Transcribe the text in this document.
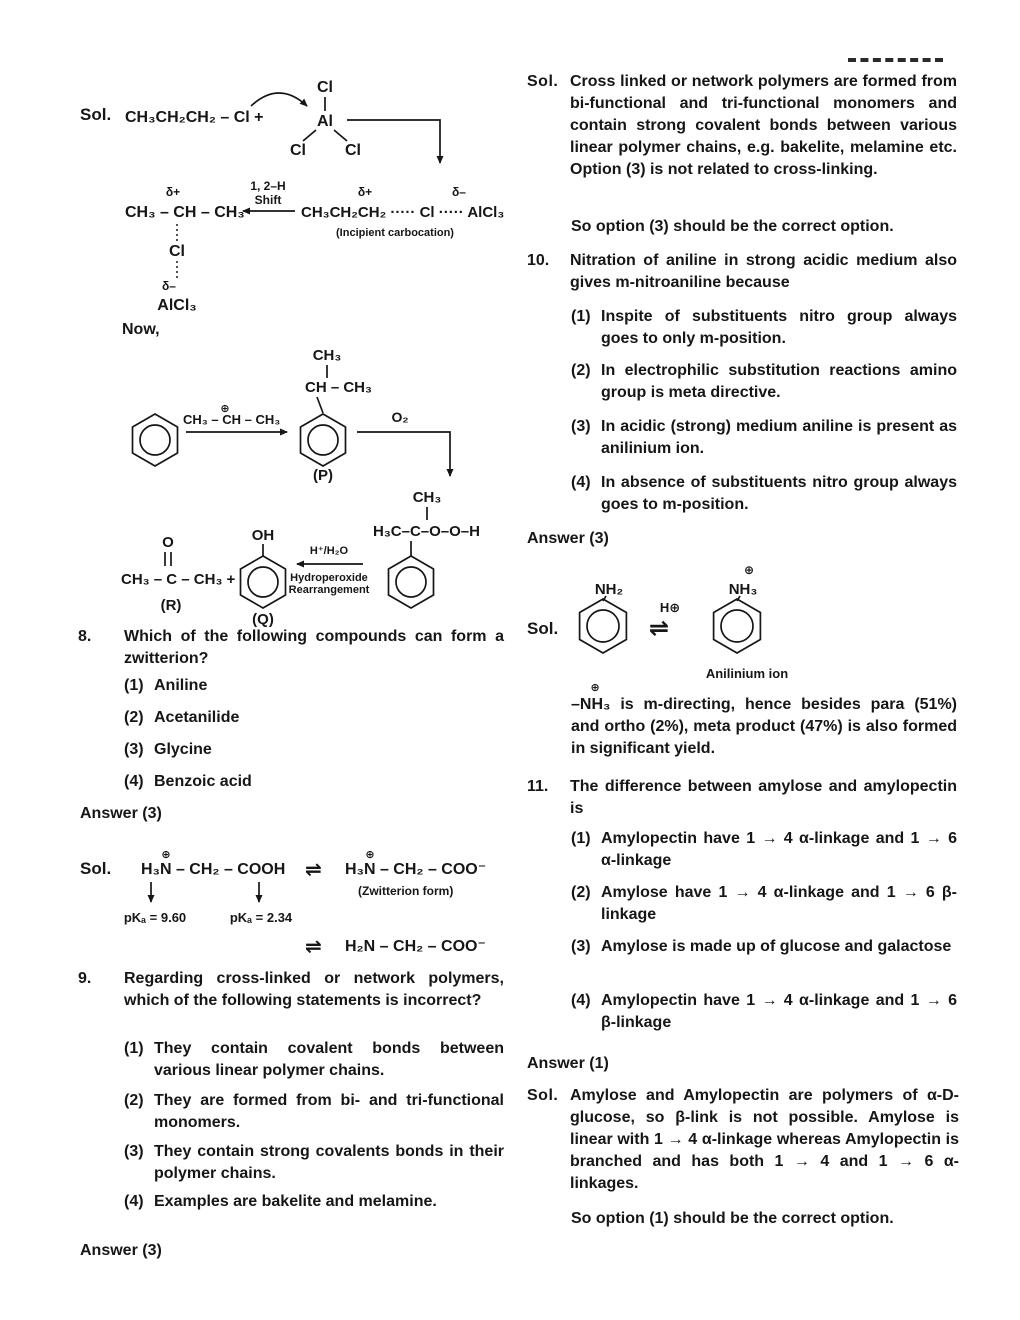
Sol. CH₃CH₂CH₂ – Cl +
Cl
Al
Cl Cl
δ+
CH₃ – CH – CH₃
Cl
δ–
AlCl₃
1, 2–H
Shift
δ+	δ–
CH₃CH₂CH₂ ····· Cl ····· AlCl₃
(Incipient carbocation)
Now,
⊕
CH₃ – CH – CH₃
CH₃
CH – CH₃
(P)
O₂
CH₃
H₃C–C–O–O–H
H⁺/H₂O
Hydroperoxide
Rearrangement
O
CH₃ – C – CH₃ +
(R)
OH
(Q)
8.	Which of the following compounds can form a zwitterion?
(1) Aniline
(2) Acetanilide
(3) Glycine
(4) Benzoic acid
Answer (3)
Sol. H₃N – CH₂ – COOH
⊕
⇌ H₃N – CH₂ – COO⁻
⊕
(Zwitterion form)
pKₐ = 9.60	pKₐ = 2.34
⇌ H₂N – CH₂ – COO⁻
9.	Regarding cross-linked or network polymers, which of the following statements is incorrect?
(1) They contain covalent bonds between various linear polymer chains.
(2) They are formed from bi- and tri-functional monomers.
(3) They contain strong covalents bonds in their polymer chains.
(4) Examples are bakelite and melamine.
Answer (3)
Sol. Cross linked or network polymers are formed from bi-functional and tri-functional monomers and contain strong covalent bonds between various linear polymer chains, e.g. bakelite, melamine etc. Option (3) is not related to cross-linking.
So option (3) should be the correct option.
10.	Nitration of aniline in strong acidic medium also gives m-nitroaniline because
(1) Inspite of substituents nitro group always goes to only m-position.
(2) In electrophilic substitution reactions amino group is meta directive.
(3) In acidic (strong) medium aniline is present as anilinium ion.
(4) In absence of substituents nitro group always goes to m-position.
Answer (3)
Sol.
NH₂
H⊕
⇌
NH₃
⊕
Anilinium ion
–
⊕
NH₃ is m-directing, hence besides para (51%) and ortho (2%), meta product (47%) is also formed in significant yield.
11.	The difference between amylose and amylopectin is
(1) Amylopectin have 1 → 4 α-linkage and 1 → 6 α-linkage
(2) Amylose have 1 → 4 α-linkage and 1 → 6 β-linkage
(3) Amylose is made up of glucose and galactose
(4) Amylopectin have 1 → 4 α-linkage and 1 → 6 β-linkage
Answer (1)
Sol. Amylose and Amylopectin are polymers of α-D-glucose, so β-link is not possible. Amylose is linear with 1 → 4 α-linkage whereas Amylopectin is branched and has both 1 → 4 and 1 → 6 α-linkages.
So option (1) should be the correct option.
